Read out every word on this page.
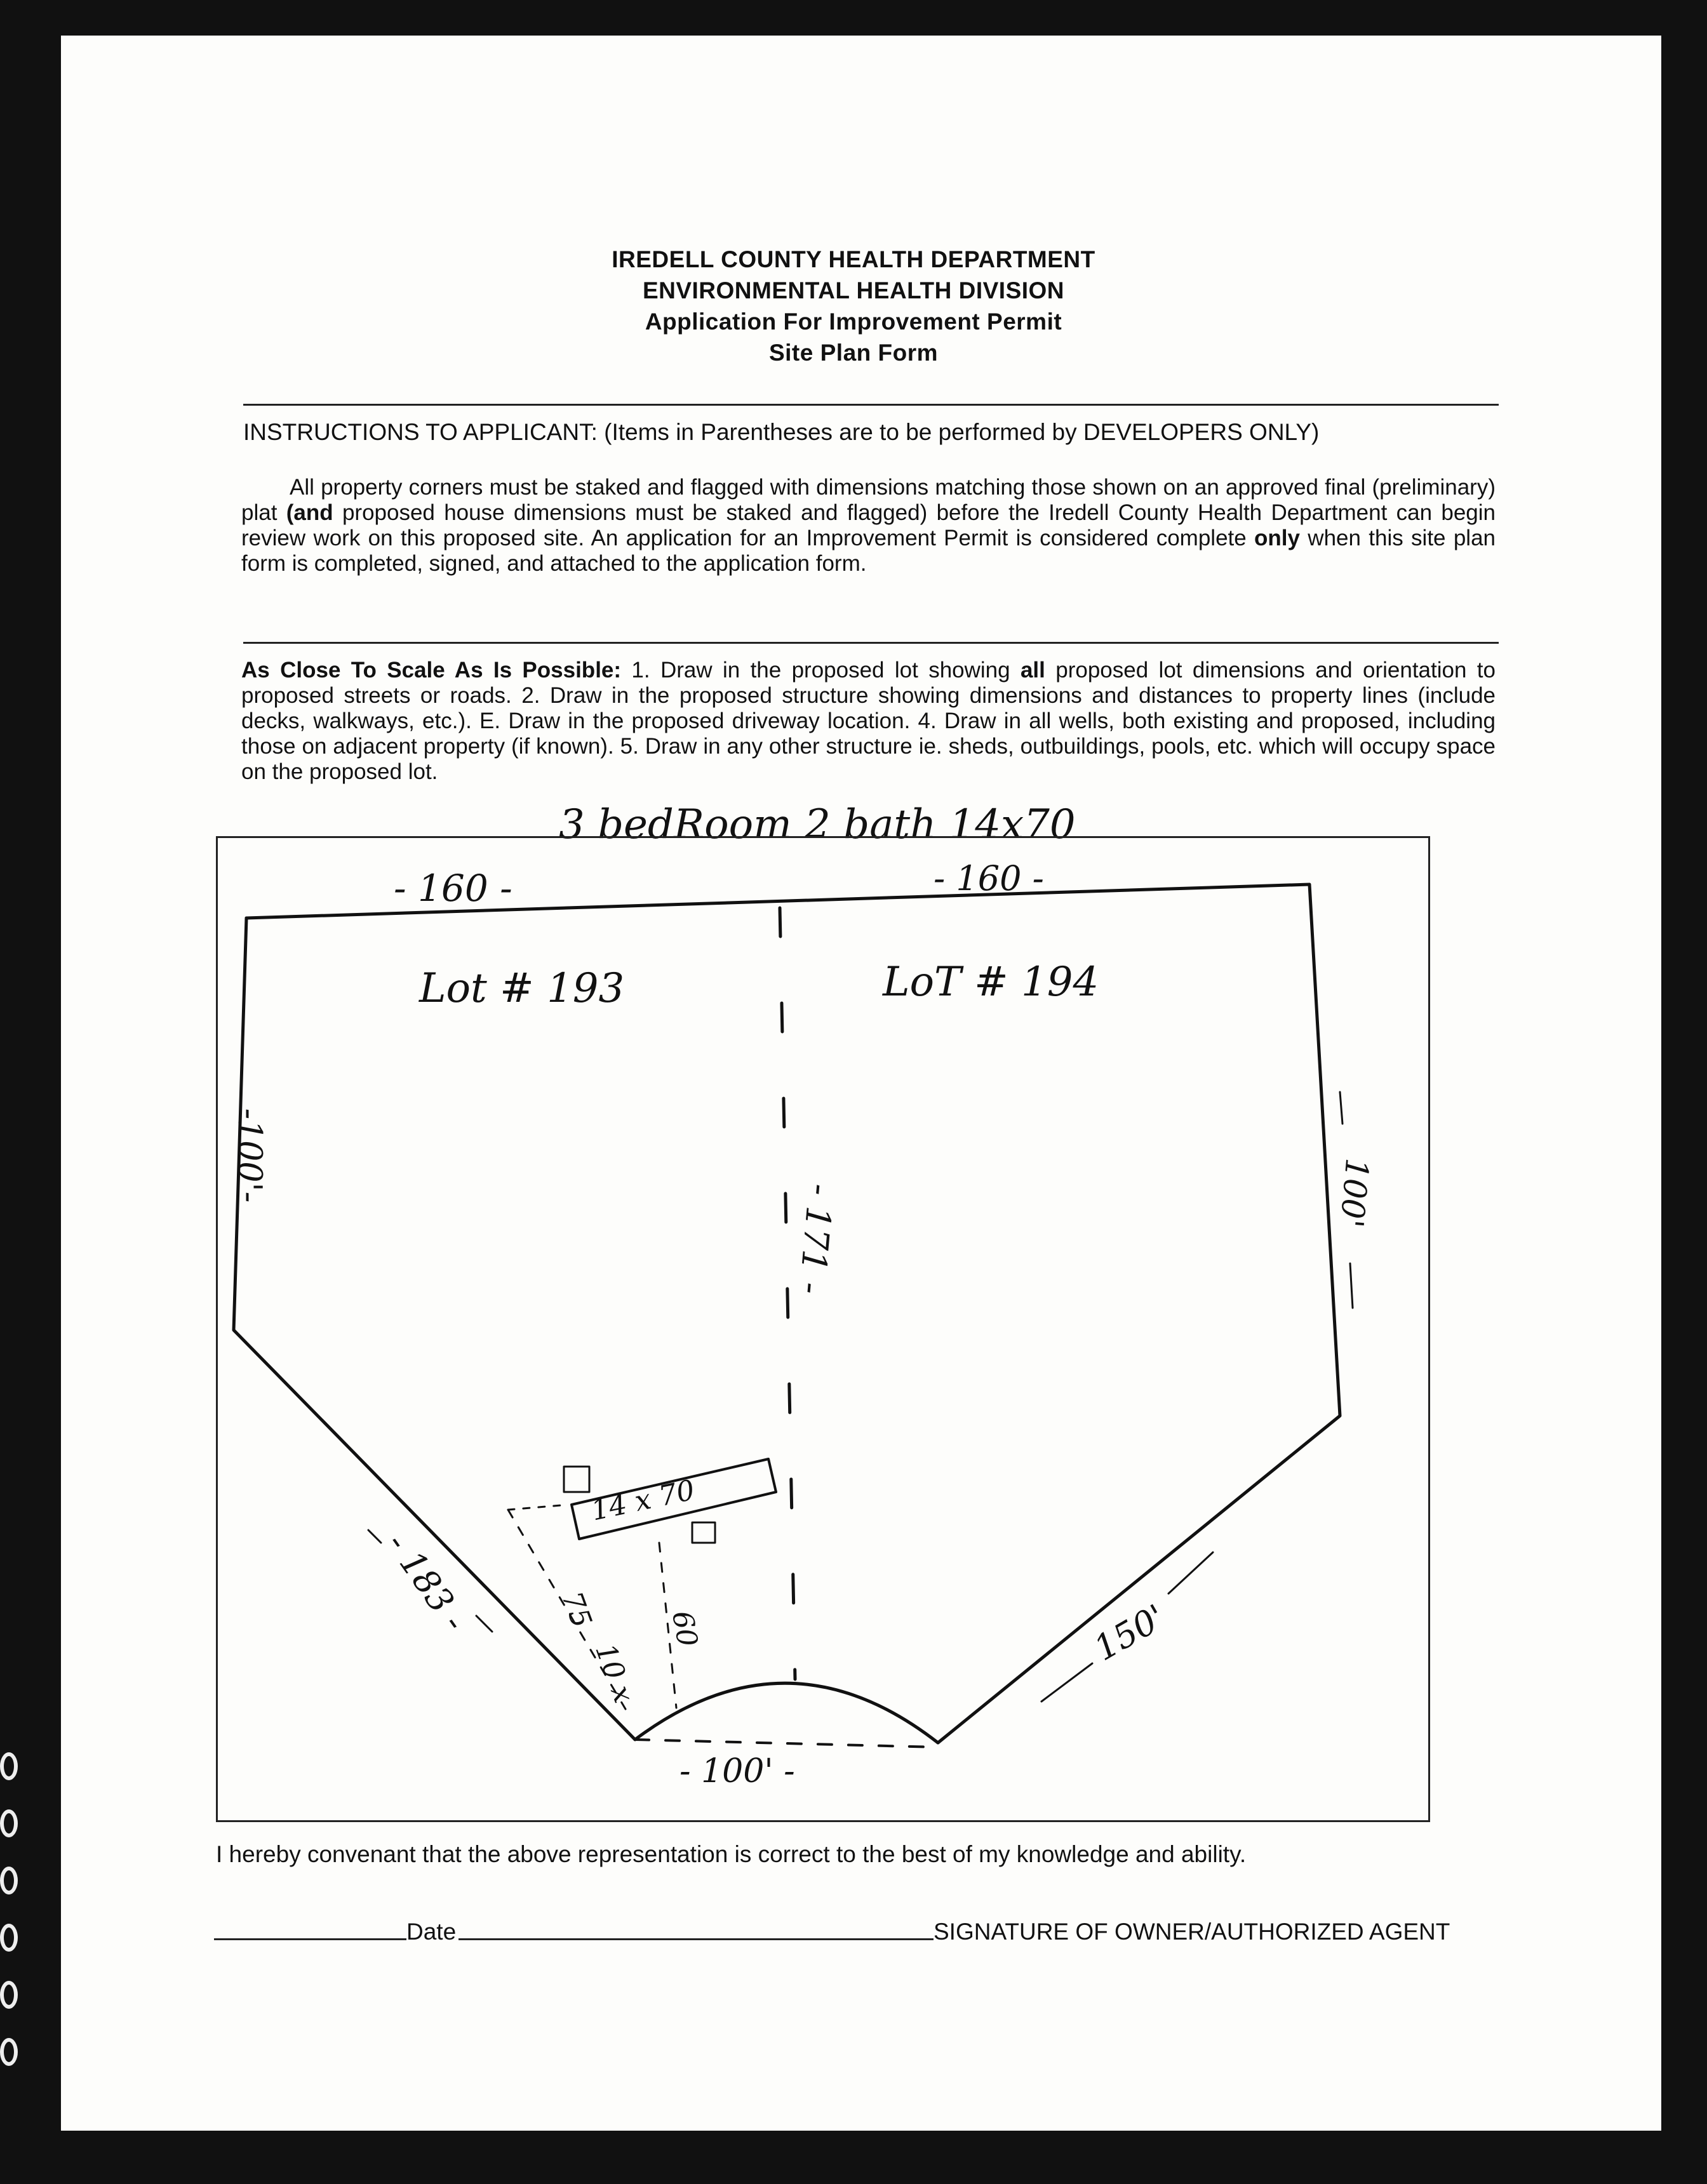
IREDELL COUNTY HEALTH DEPARTMENT
ENVIRONMENTAL HEALTH DIVISION
Application For Improvement Permit
Site Plan Form
INSTRUCTIONS TO APPLICANT: (Items in Parentheses are to be performed by DEVELOPERS ONLY)

All property corners must be staked and flagged with dimensions matching those shown on an approved final (preliminary) plat (and proposed house dimensions must be staked and flagged) before the Iredell County Health Department can begin review work on this proposed site. An application for an Improvement Permit is considered complete only when this site plan form is completed, signed, and attached to the application form.

As Close To Scale As Is Possible: 1. Draw in the proposed lot showing all proposed lot dimensions and orientation to proposed streets or roads. 2. Draw in the proposed structure showing dimensions and distances to property lines (include decks, walkways, etc.). E. Draw in the proposed driveway location. 4. Draw in all wells, both existing and proposed, including those on adjacent property (if known). 5. Draw in any other structure ie. sheds, outbuildings, pools, etc. which will occupy space on the proposed lot.

3 bedRoom 2 bath 14x70
- 160 -	- 160 -
Lot # 193	LoT # 194
-100'-	100'
- 171 -
14 x 70
75
10 x
60
- 183 -	150'
- 100' -
I hereby convenant that the above representation is correct to the best of my knowledge and ability.
Date	SIGNATURE OF OWNER/AUTHORIZED AGENT
